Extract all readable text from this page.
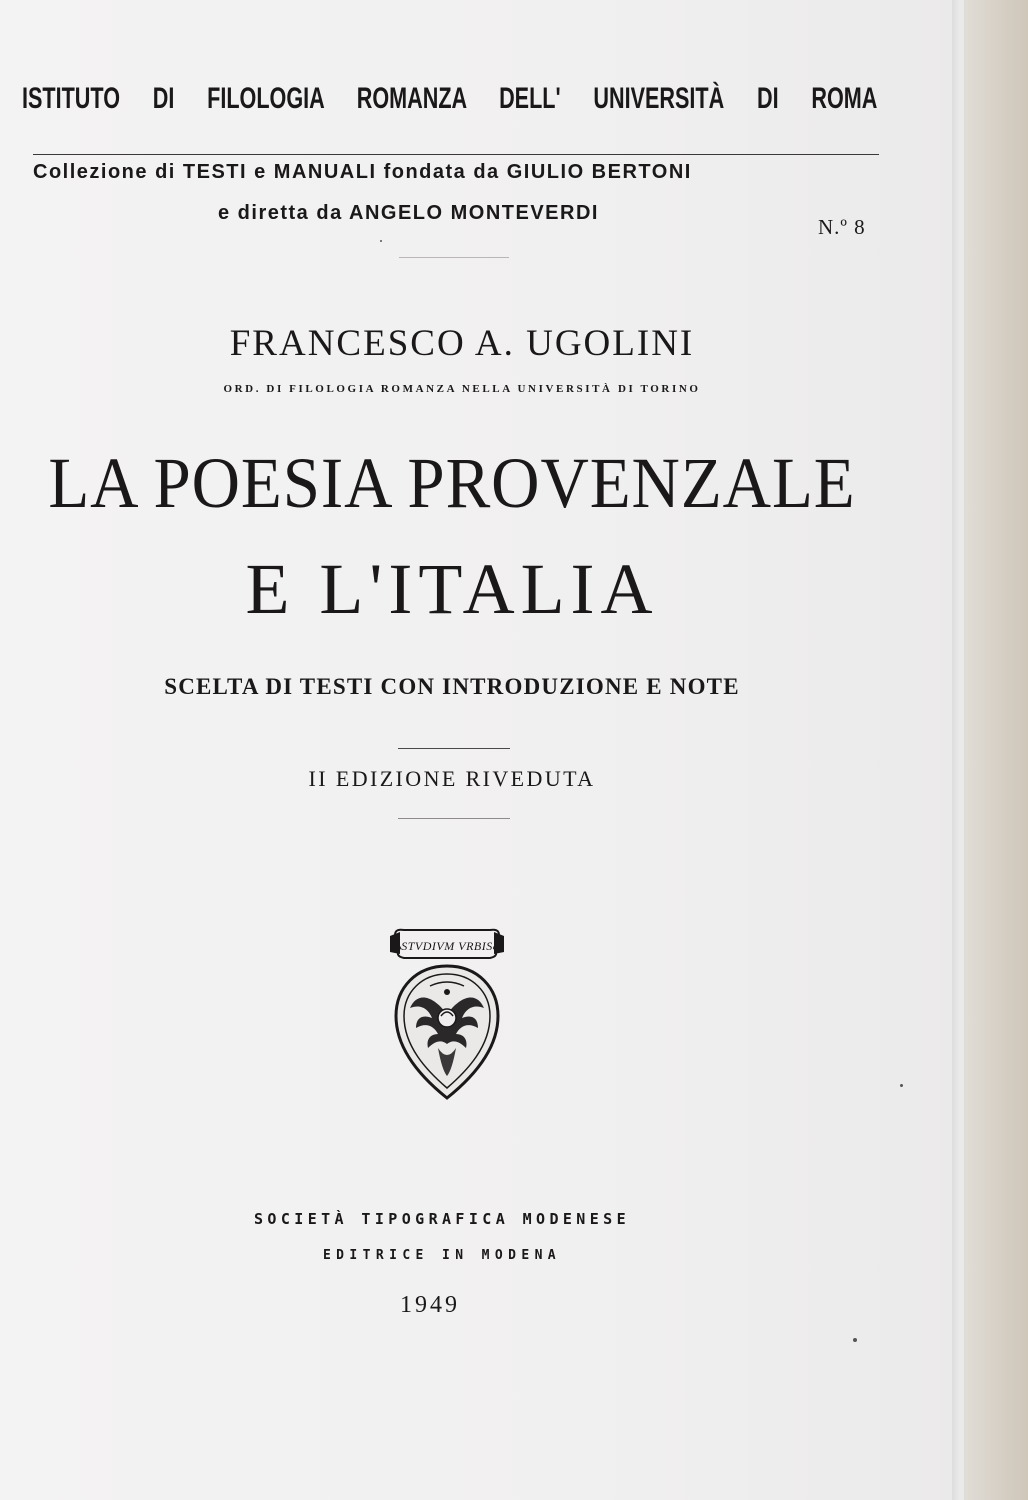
ISTITUTO DI FILOLOGIA ROMANZA DELL' UNIVERSITÀ DI ROMA
Collezione di TESTI e MANUALI fondata da GIULIO BERTONI
e diretta da ANGELO MONTEVERDI
N.º 8
FRANCESCO A. UGOLINI
ORD. DI FILOLOGIA ROMANZA NELLA UNIVERSITÀ DI TORINO
LA POESIA PROVENZALE
E L'ITALIA
SCELTA DI TESTI CON INTRODUZIONE E NOTE
II EDIZIONE RIVEDUTA
STVDIVM VRBIS
SOCIETÀ TIPOGRAFICA MODENESE
EDITRICE IN MODENA
1949
